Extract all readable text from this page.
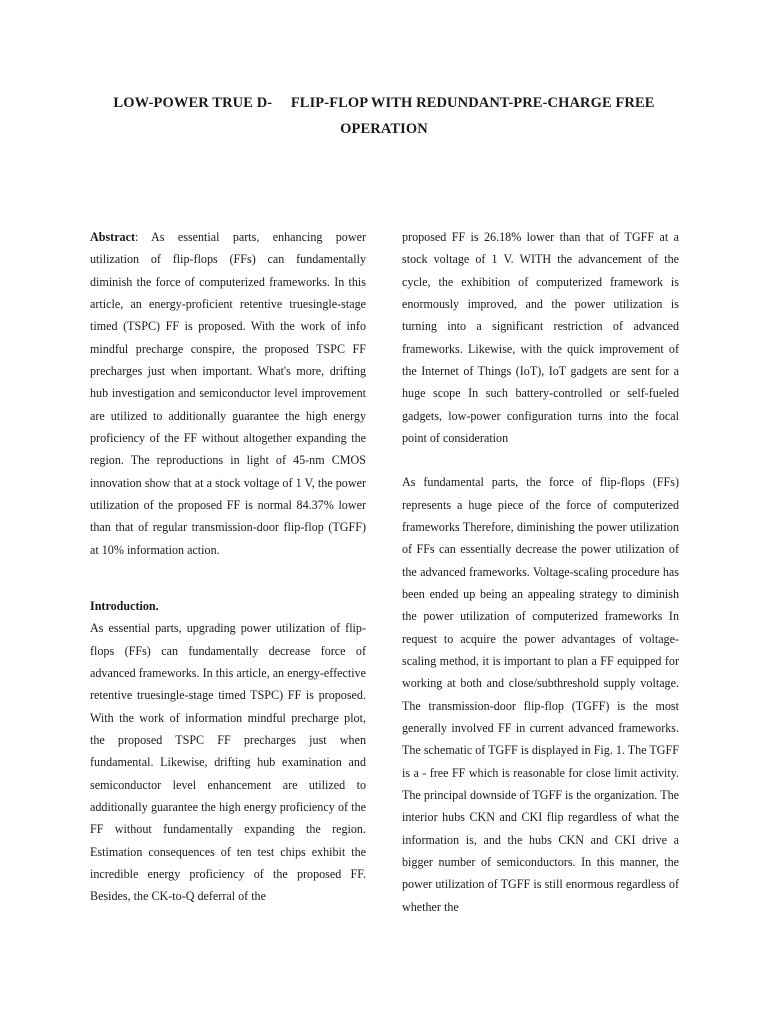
LOW-POWER TRUE D-     FLIP-FLOP WITH REDUNDANT-PRE-CHARGE FREE
OPERATION

Abstract: As essential parts, enhancing power utilization of flip-flops (FFs) can fundamentally diminish the force of computerized frameworks. In this article, an energy-proficient retentive truesingle-stage timed (TSPC) FF is proposed. With the work of info mindful precharge conspire, the proposed TSPC FF precharges just when important. What's more, drifting hub investigation and semiconductor level improvement are utilized to additionally guarantee the high energy proficiency of the FF without altogether expanding the region. The reproductions in light of 45-nm CMOS innovation show that at a stock voltage of 1 V, the power utilization of the proposed FF is normal 84.37% lower than that of regular transmission-door flip-flop (TGFF) at 10% information action.

Introduction.

As essential parts, upgrading power utilization of flip-flops (FFs) can fundamentally decrease force of advanced frameworks. In this article, an energy-effective retentive truesingle-stage timed TSPC) FF is proposed. With the work of information mindful precharge plot, the proposed TSPC FF precharges just when fundamental. Likewise, drifting hub examination and semiconductor level enhancement are utilized to additionally guarantee the high energy proficiency of the FF without fundamentally expanding the region. Estimation consequences of ten test chips exhibit the incredible energy proficiency of the proposed FF. Besides, the CK-to-Q deferral of the

proposed FF is 26.18% lower than that of TGFF at a stock voltage of 1 V. WITH the advancement of the cycle, the exhibition of computerized framework is enormously improved, and the power utilization is turning into a significant restriction of advanced frameworks. Likewise, with the quick improvement of the Internet of Things (IoT), IoT gadgets are sent for a huge scope In such battery-controlled or self-fueled gadgets, low-power configuration turns into the focal point of consideration

As fundamental parts, the force of flip-flops (FFs) represents a huge piece of the force of computerized frameworks Therefore, diminishing the power utilization of FFs can essentially decrease the power utilization of the advanced frameworks. Voltage-scaling procedure has been ended up being an appealing strategy to diminish the power utilization of computerized frameworks In request to acquire the power advantages of voltage-scaling method, it is important to plan a FF equipped for working at both and close/subthreshold supply voltage. The transmission-door flip-flop (TGFF) is the most generally involved FF in current advanced frameworks. The schematic of TGFF is displayed in Fig. 1. The TGFF is a - free FF which is reasonable for close limit activity. The principal downside of TGFF is the organization. The interior hubs CKN and CKI flip regardless of what the information is, and the hubs CKN and CKI drive a bigger number of semiconductors. In this manner, the power utilization of TGFF is still enormous regardless of whether the
